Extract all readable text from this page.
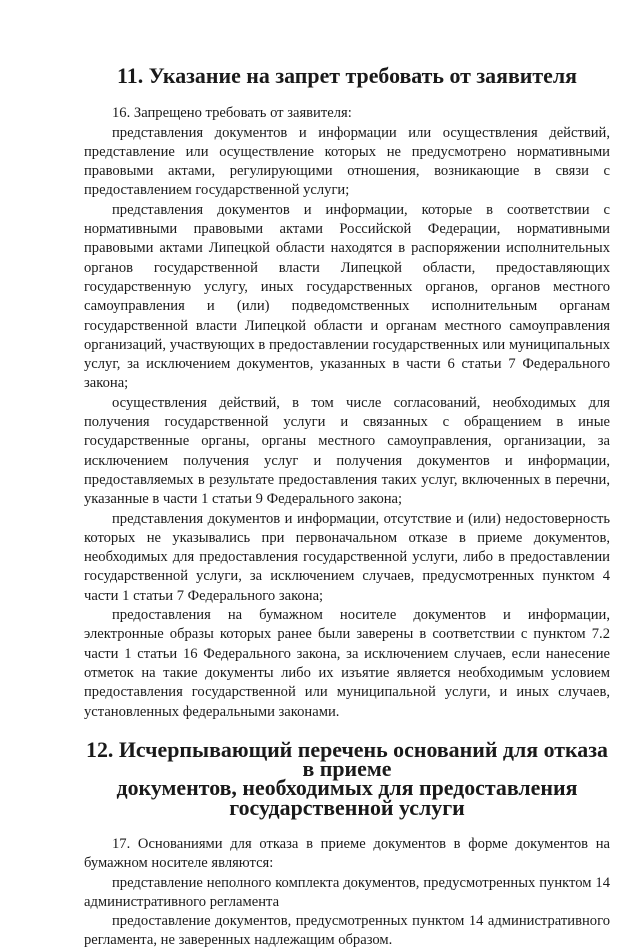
11. Указание на запрет требовать от заявителя

16. Запрещено требовать от заявителя:

представления документов и информации или осуществления действий, представление или осуществление которых не предусмотрено нормативными правовыми актами, регулирующими отношения, возникающие в связи с предоставлением государственной услуги;

представления документов и информации, которые в соответствии с нормативными правовыми актами Российской Федерации, нормативными правовыми актами Липецкой области находятся в распоряжении исполнительных органов государственной власти Липецкой области, предоставляющих государственную услугу, иных государственных органов, органов местного самоуправления и (или) подведомственных исполнительным органам государственной власти Липецкой области и органам местного самоуправления организаций, участвующих в предоставлении государственных или муниципальных услуг, за исключением документов, указанных в части 6 статьи 7 Федерального закона;

осуществления действий, в том числе согласований, необходимых для получения государственной услуги и связанных с обращением в иные государственные органы, органы местного самоуправления, организации, за исключением получения услуг и получения документов и информации, предоставляемых в результате предоставления таких услуг, включенных в перечни, указанные в части 1 статьи 9 Федерального закона;

представления документов и информации, отсутствие и (или) недостоверность которых не указывались при первоначальном отказе в приеме документов, необходимых для предоставления государственной услуги, либо в предоставлении государственной услуги, за исключением случаев, предусмотренных пунктом 4 части 1 статьи 7 Федерального закона;

предоставления на бумажном носителе документов и информации, электронные образы которых ранее были заверены в соответствии с пунктом 7.2 части 1 статьи 16 Федерального закона, за исключением случаев, если нанесение отметок на такие документы либо их изъятие является необходимым условием предоставления государственной или муниципальной услуги, и иных случаев, установленных федеральными законами.

12. Исчерпывающий перечень оснований для отказа в приеме
документов, необходимых для предоставления
государственной услуги

17. Основаниями для отказа в приеме документов в форме документов на бумажном носителе являются:

представление неполного комплекта документов, предусмотренных пунктом 14 административного регламента

предоставление документов, предусмотренных пунктом 14 административного регламента, не заверенных надлежащим образом.
